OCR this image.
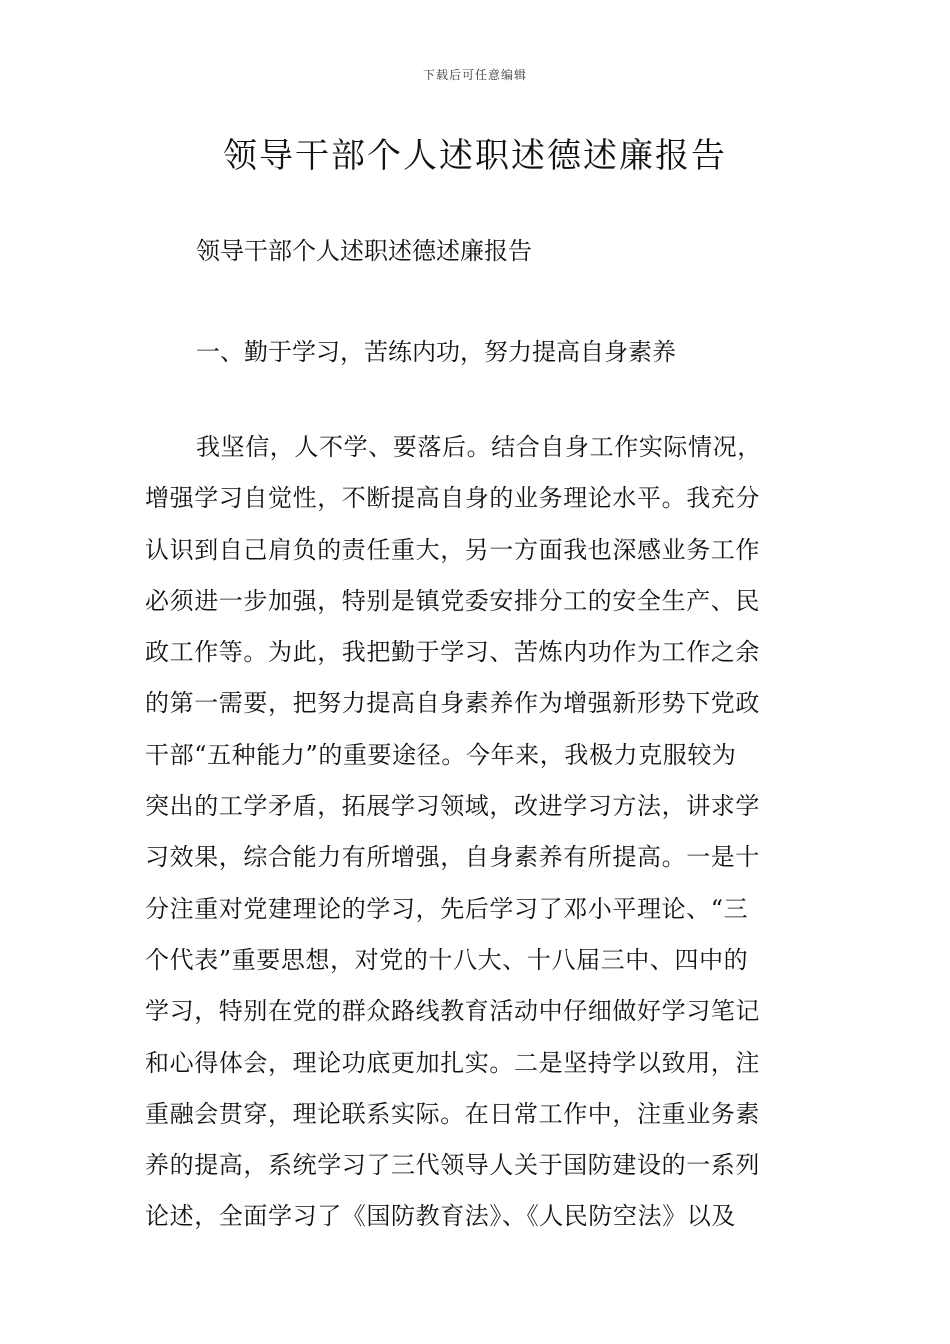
下载后可任意编辑
领导干部个人述职述德述廉报告
领导干部个人述职述德述廉报告
一、勤于学习，苦练内功，努力提高自身素养
我坚信，人不学、要落后。结合自身工作实际情况，
增强学习自觉性，不断提高自身的业务理论水平。我充分
认识到自己肩负的责任重大，另一方面我也深感业务工作
必须进一步加强，特别是镇党委安排分工的安全生产、民
政工作等。为此，我把勤于学习、苦炼内功作为工作之余
的第一需要，把努力提高自身素养作为增强新形势下党政
干部“五种能力”的重要途径。今年来，我极力克服较为
突出的工学矛盾，拓展学习领域，改进学习方法，讲求学
习效果，综合能力有所增强，自身素养有所提高。一是十
分注重对党建理论的学习，先后学习了邓小平理论、“三
个代表”重要思想，对党的十八大、十八届三中、四中的
学习，特别在党的群众路线教育活动中仔细做好学习笔记
和心得体会，理论功底更加扎实。二是坚持学以致用，注
重融会贯穿，理论联系实际。在日常工作中，注重业务素
养的提高，系统学习了三代领导人关于国防建设的一系列
论述，全面学习了《国防教育法》、《人民防空法》以及
